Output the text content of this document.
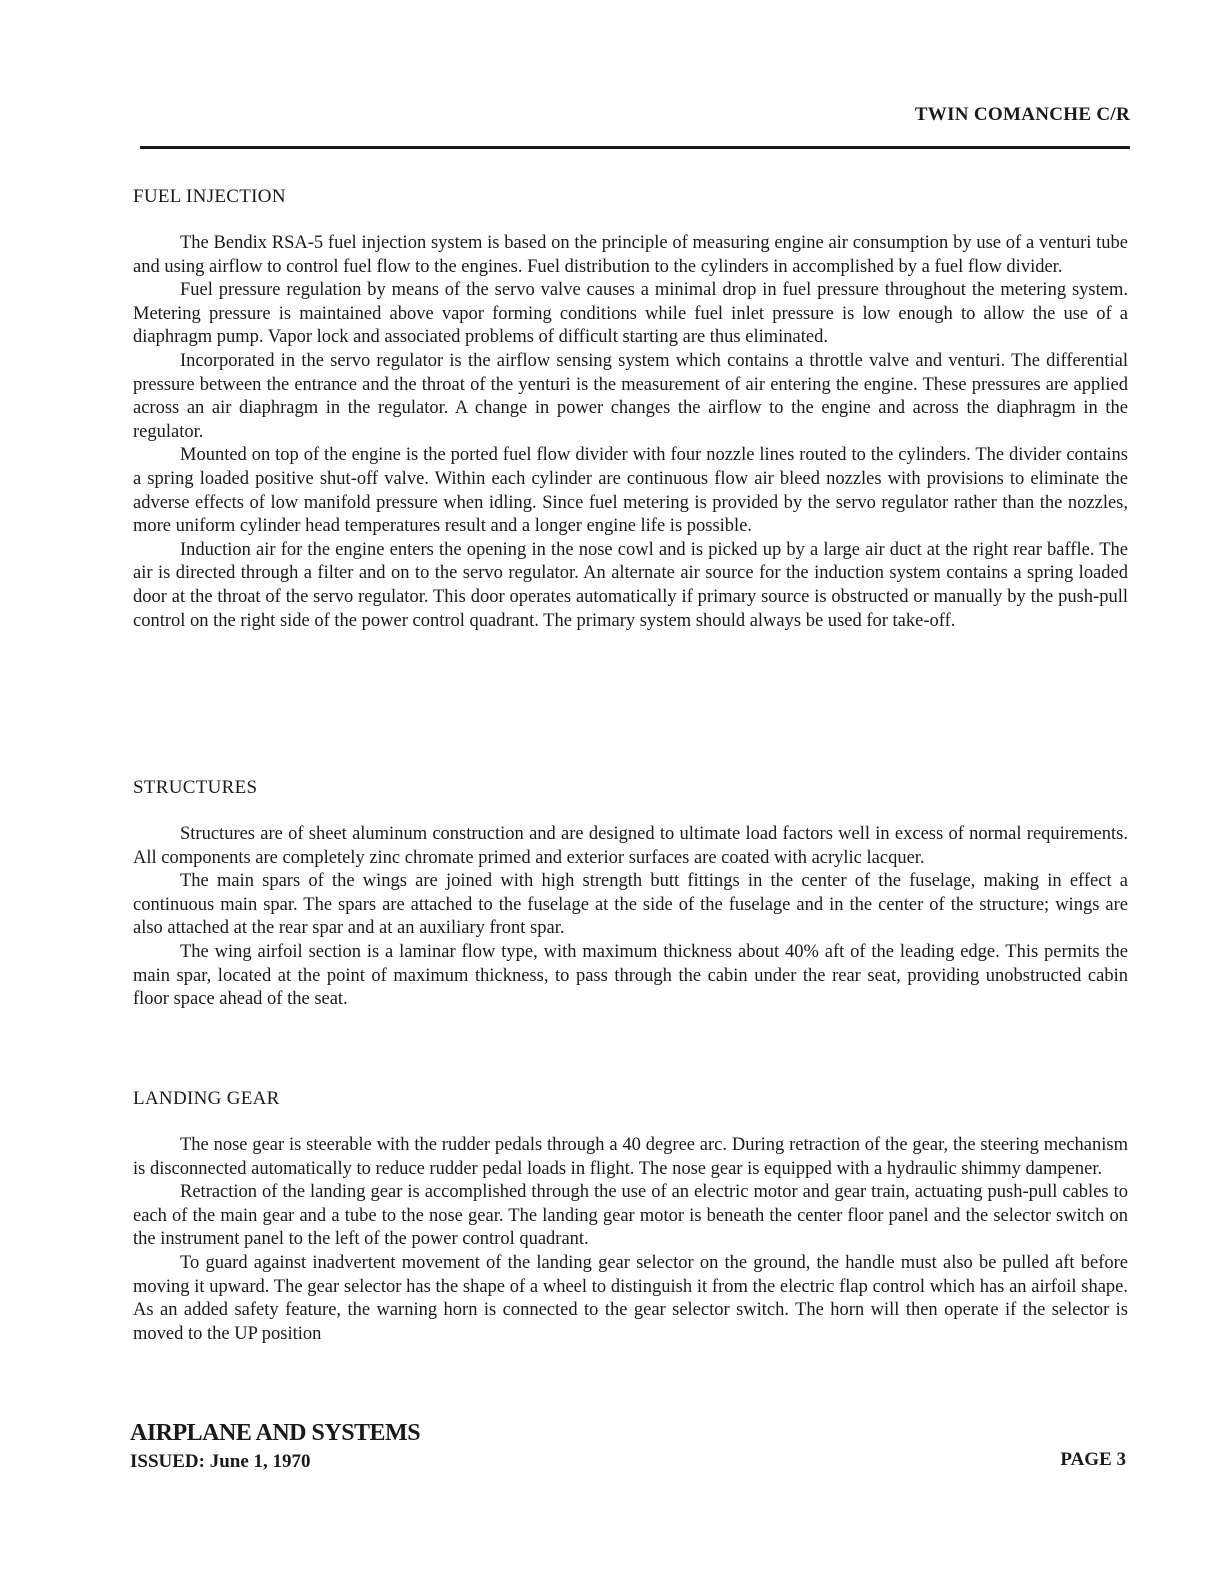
TWIN COMANCHE C/R
FUEL INJECTION

The Bendix RSA-5 fuel injection system is based on the principle of measuring engine air consumption by use of a venturi tube and using airflow to control fuel flow to the engines. Fuel distribution to the cylinders in accomplished by a fuel flow divider.

Fuel pressure regulation by means of the servo valve causes a minimal drop in fuel pressure throughout the metering system. Metering pressure is maintained above vapor forming conditions while fuel inlet pressure is low enough to allow the use of a diaphragm pump. Vapor lock and associated problems of difficult starting are thus eliminated.

Incorporated in the servo regulator is the airflow sensing system which contains a throttle valve and venturi. The differential pressure between the entrance and the throat of the yenturi is the measurement of air entering the engine. These pressures are applied across an air diaphragm in the regulator. A change in power changes the airflow to the engine and across the diaphragm in the regulator.

Mounted on top of the engine is the ported fuel flow divider with four nozzle lines routed to the cylinders. The divider contains a spring loaded positive shut-off valve. Within each cylinder are continuous flow air bleed nozzles with provisions to eliminate the adverse effects of low manifold pressure when idling. Since fuel metering is provided by the servo regulator rather than the nozzles, more uniform cylinder head temperatures result and a longer engine life is possible.

Induction air for the engine enters the opening in the nose cowl and is picked up by a large air duct at the right rear baffle. The air is directed through a filter and on to the servo regulator. An alternate air source for the induction system contains a spring loaded door at the throat of the servo regulator. This door operates automatically if primary source is obstructed or manually by the push-pull control on the right side of the power control quadrant. The primary system should always be used for take-off.

STRUCTURES

Structures are of sheet aluminum construction and are designed to ultimate load factors well in excess of normal requirements. All components are completely zinc chromate primed and exterior surfaces are coated with acrylic lacquer.

The main spars of the wings are joined with high strength butt fittings in the center of the fuselage, making in effect a continuous main spar. The spars are attached to the fuselage at the side of the fuselage and in the center of the structure; wings are also attached at the rear spar and at an auxiliary front spar.

The wing airfoil section is a laminar flow type, with maximum thickness about 40% aft of the leading edge. This permits the main spar, located at the point of maximum thickness, to pass through the cabin under the rear seat, providing unobstructed cabin floor space ahead of the seat.

LANDING GEAR

The nose gear is steerable with the rudder pedals through a 40 degree arc. During retraction of the gear, the steering mechanism is disconnected automatically to reduce rudder pedal loads in flight. The nose gear is equipped with a hydraulic shimmy dampener.

Retraction of the landing gear is accomplished through the use of an electric motor and gear train, actuating push-pull cables to each of the main gear and a tube to the nose gear. The landing gear motor is beneath the center floor panel and the selector switch on the instrument panel to the left of the power control quadrant.

To guard against inadvertent movement of the landing gear selector on the ground, the handle must also be pulled aft before moving it upward. The gear selector has the shape of a wheel to distinguish it from the electric flap control which has an airfoil shape. As an added safety feature, the warning horn is connected to the gear selector switch. The horn will then operate if the selector is moved to the UP position

AIRPLANE AND SYSTEMS
ISSUED: June 1, 1970	PAGE 3
